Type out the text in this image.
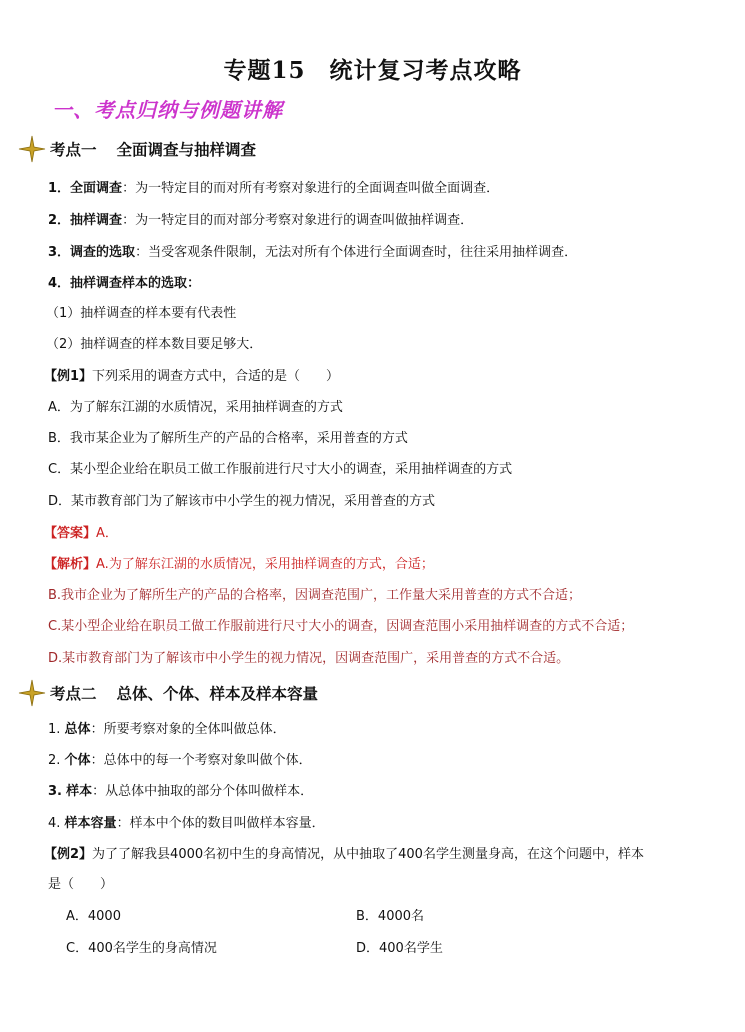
专题15　统计复习考点攻略
一、考点归纳与例题讲解
考点一 全面调查与抽样调查
1．全面调查：为一特定目的而对所有考察对象进行的全面调查叫做全面调查．
2．抽样调查：为一特定目的而对部分考察对象进行的调查叫做抽样调查．
3．调查的选取：当受客观条件限制，无法对所有个体进行全面调查时，往往采用抽样调查．
4．抽样调查样本的选取：
（1）抽样调查的样本要有代表性
（2）抽样调查的样本数目要足够大．
【例1】下列采用的调查方式中，合适的是（　　）
A．为了解东江湖的水质情况，采用抽样调查的方式
B．我市某企业为了解所生产的产品的合格率，采用普查的方式
C．某小型企业给在职员工做工作服前进行尺寸大小的调查，采用抽样调查的方式
D．某市教育部门为了解该市中小学生的视力情况，采用普查的方式
【答案】A．
【解析】A.为了解东江湖的水质情况，采用抽样调查的方式，合适；
B.我市企业为了解所生产的产品的合格率，因调查范围广，工作量大采用普查的方式不合适；
C.某小型企业给在职员工做工作服前进行尺寸大小的调查，因调查范围小采用抽样调查的方式不合适；
D.某市教育部门为了解该市中小学生的视力情况，因调查范围广，采用普查的方式不合适。
考点二 总体、个体、样本及样本容量
1. 总体：所要考察对象的全体叫做总体．
2. 个体：总体中的每一个考察对象叫做个体．
3. 样本：从总体中抽取的部分个体叫做样本．
4. 样本容量：样本中个体的数目叫做样本容量．
【例2】为了了解我县4000名初中生的身高情况，从中抽取了400名学生测量身高，在这个问题中，样本
是（　　）
A．4000	B．4000名
C．400名学生的身高情况	D．400名学生
